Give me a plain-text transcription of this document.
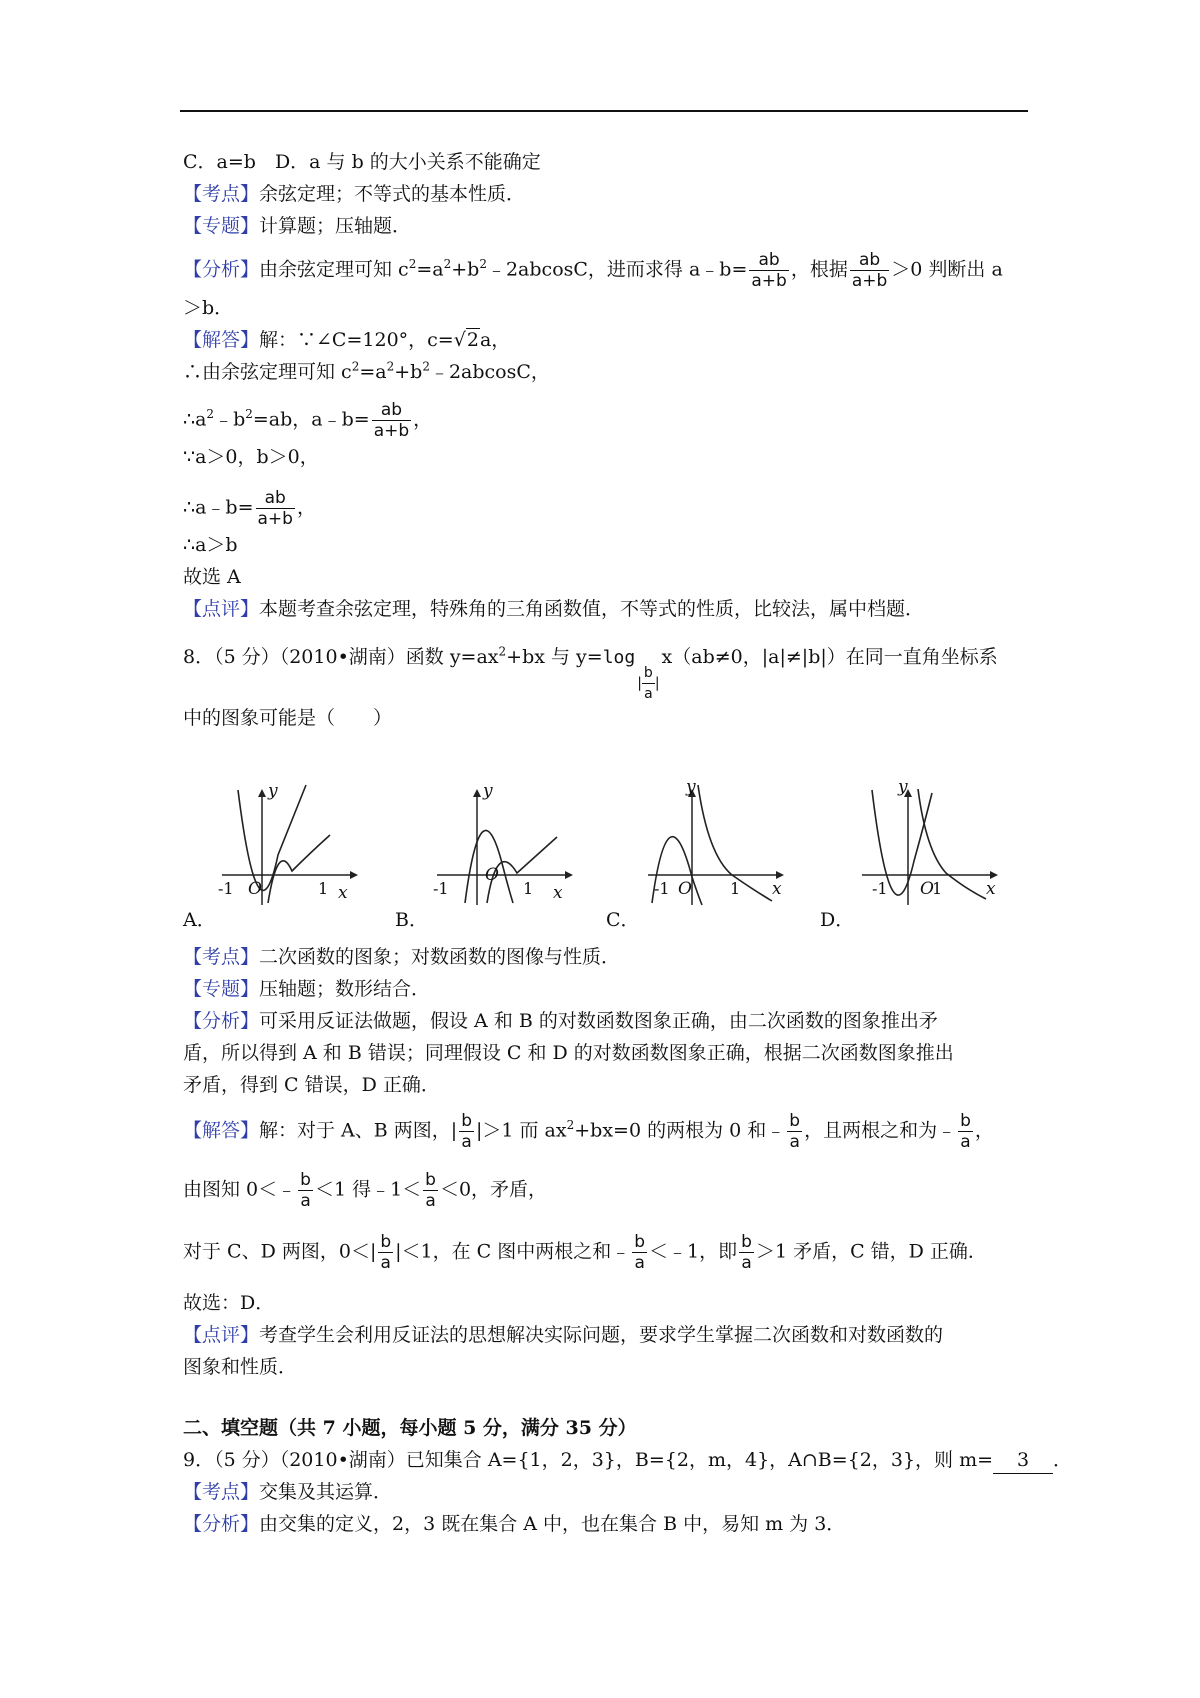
C．a=b　D．a 与 b 的大小关系不能确定
【考点】余弦定理；不等式的基本性质．
【专题】计算题；压轴题．
【分析】由余弦定理可知 $c^2=a^2+b^2﹣2abcosC$，进而求得 a﹣b= $\frac{ab}{a+b}$ ，根据 $\frac{ab}{a+b} >0$ 判断出 a
＞b．
【解答】解：∵∠C=120°，c=√2a，
∴由余弦定理可知 $c^2=a^2+b^2﹣2abcosC$，
$\therefore a^2﹣b^2=ab$，a﹣b= $\frac{ab}{a+b}$ ，
∵a＞0，b＞0，
∴a﹣b= $\frac{ab}{a+b}$ ，
∴a＞b
故选 A
【点评】本题考查余弦定理，特殊角的三角函数值，不等式的性质，比较法，属中档题．
8．（5 分）（2010•湖南）函数 $y=ax^2+bx$ 与 $y=\log| \frac{b}{a} |x(ab\ne 0$，|a|≠|b|）在同一直角坐标系
中的图象可能是（　　）
y
x
O
-1	1
A．
y
x
O
-1	1
B．
y
x
O
-1	1
C．
y
x
O
-1	1
D．
【考点】二次函数的图象；对数函数的图像与性质．
【专题】压轴题；数形结合．
【分析】可采用反证法做题，假设 A 和 B 的对数函数图象正确，由二次函数的图象推出矛
盾，所以得到 A 和 B 错误；同理假设 C 和 D 的对数函数图象正确，根据二次函数图象推出
矛盾，得到 C 错误，D 正确．
【解答】解：对于 A、B 两图，| $\frac{b}{a} |>1$ 而 $ax^2+bx=0$ 的两根为 0 和﹣ $\frac{b}{a}$ ，且两根之和为﹣ $\frac{b}{a}$ ，
由图知 0＜﹣ $\frac{b}{a} <1$ 得﹣1＜ $\frac{b}{a} <0$，矛盾，
对于 C、D 两图，$0<| \frac{b}{a} |<1$，在 C 图中两根之和﹣ $\frac{b}{a}$ ＜﹣1，即 $\frac{b}{a} >1$ 矛盾，C 错，D 正确．
故选：D．
【点评】考查学生会利用反证法的思想解决实际问题，要求学生掌握二次函数和对数函数的
图象和性质．
二、填空题（共 7 小题，每小题 5 分，满分 35 分）
9．（5 分）（2010•湖南）已知集合 A={1，2，3}，B={2，m，4}，A∩B={2，3}，则 m= 3 ．
【考点】交集及其运算．
【分析】由交集的定义，2，3 既在集合 A 中，也在集合 B 中，易知 m 为 3．
